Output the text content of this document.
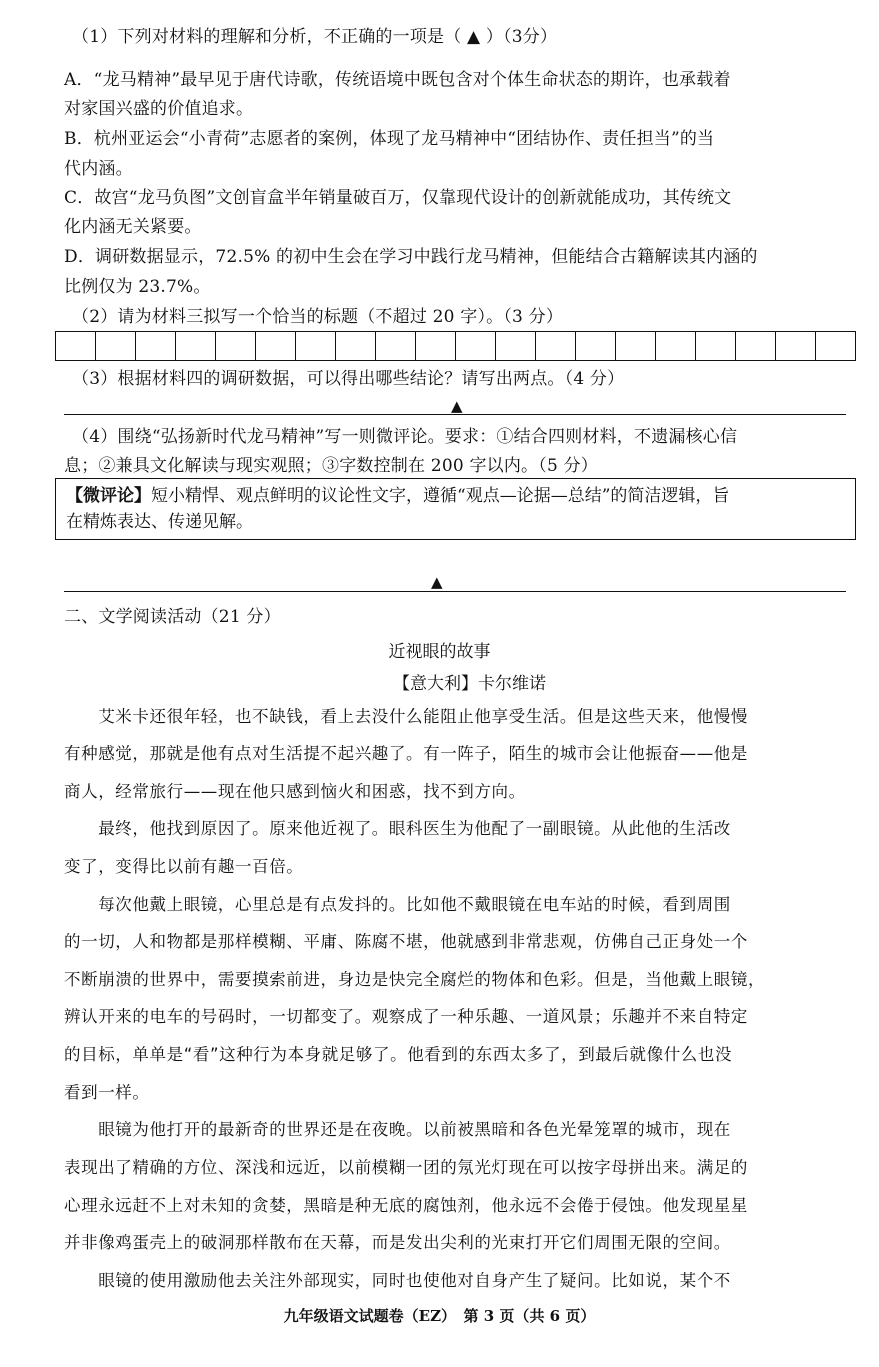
（1）下列对材料的理解和分析，不正确的一项是（ ▲ ）（3分）
A．“龙马精神”最早见于唐代诗歌，传统语境中既包含对个体生命状态的期许，也承载着
对家国兴盛的价值追求。
B．杭州亚运会“小青荷”志愿者的案例，体现了龙马精神中“团结协作、责任担当”的当
代内涵。
C．故宫“龙马负图”文创盲盒半年销量破百万，仅靠现代设计的创新就能成功，其传统文
化内涵无关紧要。
D．调研数据显示，72.5% 的初中生会在学习中践行龙马精神，但能结合古籍解读其内涵的
比例仅为 23.7%。
（2）请为材料三拟写一个恰当的标题（不超过 20 字）。（3 分）
（3）根据材料四的调研数据，可以得出哪些结论？请写出两点。（4 分）
▲
（4）围绕“弘扬新时代龙马精神”写一则微评论。要求：①结合四则材料，不遗漏核心信
息；②兼具文化解读与现实观照；③字数控制在 200 字以内。（5 分）
【微评论】短小精悍、观点鲜明的议论性文字，遵循“观点—论据—总结”的简洁逻辑，旨
在精炼表达、传递见解。
▲
二、文学阅读活动（21 分）
近视眼的故事
【意大利】卡尔维诺
　　艾米卡还很年轻，也不缺钱，看上去没什么能阻止他享受生活。但是这些天来，他慢慢
有种感觉，那就是他有点对生活提不起兴趣了。有一阵子，陌生的城市会让他振奋——他是
商人，经常旅行——现在他只感到恼火和困惑，找不到方向。
　　最终，他找到原因了。原来他近视了。眼科医生为他配了一副眼镜。从此他的生活改
变了，变得比以前有趣一百倍。
　　每次他戴上眼镜，心里总是有点发抖的。比如他不戴眼镜在电车站的时候，看到周围
的一切，人和物都是那样模糊、平庸、陈腐不堪，他就感到非常悲观，仿佛自己正身处一个
不断崩溃的世界中，需要摸索前进，身边是快完全腐烂的物体和色彩。但是，当他戴上眼镜，
辨认开来的电车的号码时，一切都变了。观察成了一种乐趣、一道风景；乐趣并不来自特定
的目标，单单是“看”这种行为本身就足够了。他看到的东西太多了，到最后就像什么也没
看到一样。
　　眼镜为他打开的最新奇的世界还是在夜晚。以前被黑暗和各色光晕笼罩的城市，现在
表现出了精确的方位、深浅和远近，以前模糊一团的氖光灯现在可以按字母拼出来。满足的
心理永远赶不上对未知的贪婪，黑暗是种无底的腐蚀剂，他永远不会倦于侵蚀。他发现星星
并非像鸡蛋壳上的破洞那样散布在天幕，而是发出尖利的光束打开它们周围无限的空间。
　　眼镜的使用激励他去关注外部现实，同时也使他对自身产生了疑问。比如说，某个不
九年级语文试题卷（EZ）　第 3 页（共 6 页）
